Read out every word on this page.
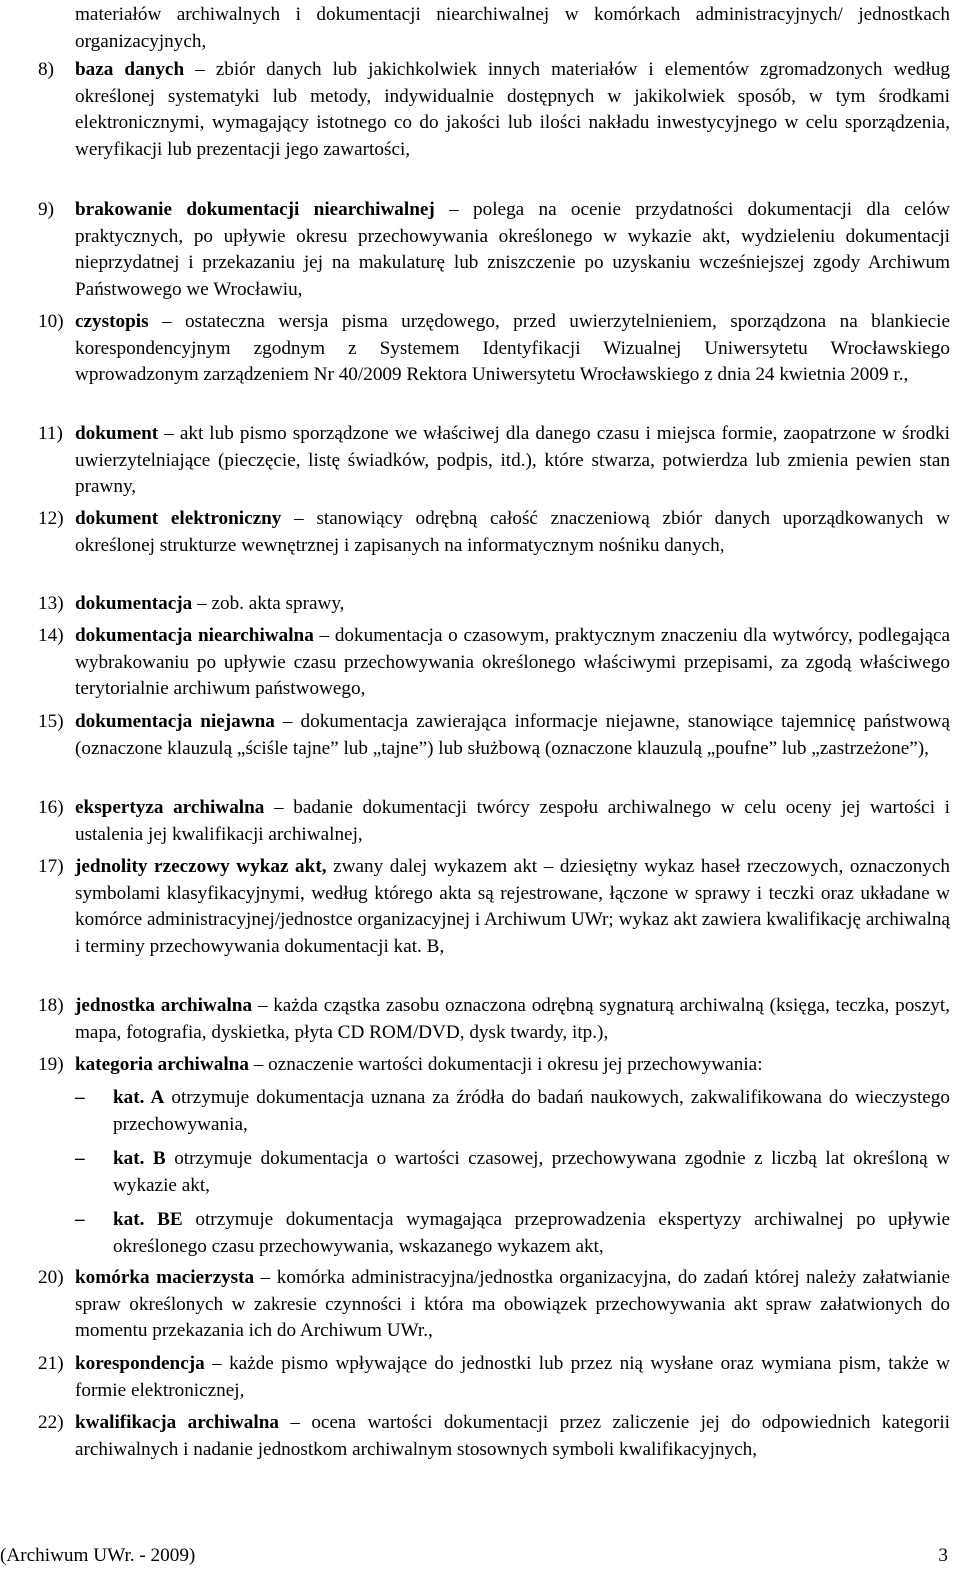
materiałów archiwalnych i dokumentacji niearchiwalnej w komórkach administracyjnych/ jednostkach organizacyjnych,
8)	baza danych – zbiór danych lub jakichkolwiek innych materiałów i elementów zgromadzonych według określonej systematyki lub metody, indywidualnie dostępnych w jakikolwiek sposób, w tym środkami elektronicznymi, wymagający istotnego co do jakości lub ilości nakładu inwestycyjnego w celu sporządzenia, weryfikacji lub prezentacji jego zawartości,
9)	brakowanie dokumentacji niearchiwalnej – polega na ocenie przydatności dokumentacji dla celów praktycznych, po upływie okresu przechowywania określonego w wykazie akt, wydzieleniu dokumentacji nieprzydatnej i przekazaniu jej na makulaturę lub zniszczenie po uzyskaniu wcześniejszej zgody Archiwum Państwowego we Wrocławiu,
10) czystopis – ostateczna wersja pisma urzędowego, przed uwierzytelnieniem, sporządzona na blankiecie korespondencyjnym zgodnym z Systemem Identyfikacji Wizualnej Uniwersytetu Wrocławskiego wprowadzonym zarządzeniem Nr 40/2009 Rektora Uniwersytetu Wrocławskiego z dnia 24 kwietnia 2009 r.,
11) dokument – akt lub pismo sporządzone we właściwej dla danego czasu i miejsca formie, zaopatrzone w środki uwierzytelniające (pieczęcie, listę świadków, podpis, itd.), które stwarza, potwierdza lub zmienia pewien stan prawny,
12) dokument elektroniczny – stanowiący odrębną całość znaczeniową zbiór danych uporządkowanych w określonej strukturze wewnętrznej i zapisanych na informatycznym nośniku danych,
13) dokumentacja – zob. akta sprawy,
14) dokumentacja niearchiwalna – dokumentacja o czasowym, praktycznym znaczeniu dla wytwórcy, podlegająca wybrakowaniu po upływie czasu przechowywania określonego właściwymi przepisami, za zgodą właściwego terytorialnie archiwum państwowego,
15) dokumentacja niejawna – dokumentacja zawierająca informacje niejawne, stanowiące tajemnicę państwową (oznaczone klauzulą „ściśle tajne” lub „tajne”) lub służbową (oznaczone klauzulą „poufne” lub „zastrzeżone”),
16) ekspertyza archiwalna – badanie dokumentacji twórcy zespołu archiwalnego w celu oceny jej wartości i ustalenia jej kwalifikacji archiwalnej,
17) jednolity rzeczowy wykaz akt, zwany dalej wykazem akt – dziesiętny wykaz haseł rzeczowych, oznaczonych symbolami klasyfikacyjnymi, według którego akta są rejestrowane, łączone w sprawy i teczki oraz układane w komórce administracyjnej/jednostce organizacyjnej i Archiwum UWr; wykaz akt zawiera kwalifikację archiwalną i terminy przechowywania dokumentacji kat. B,
18) jednostka archiwalna – każda cząstka zasobu oznaczona odrębną sygnaturą archiwalną (księga, teczka, poszyt, mapa, fotografia, dyskietka, płyta CD ROM/DVD, dysk twardy, itp.),
19) kategoria archiwalna – oznaczenie wartości dokumentacji i okresu jej przechowywania:
– kat. A otrzymuje dokumentacja uznana za źródła do badań naukowych, zakwalifikowana do wieczystego przechowywania,
– kat. B otrzymuje dokumentacja o wartości czasowej, przechowywana zgodnie z liczbą lat określoną w wykazie akt,
– kat. BE otrzymuje dokumentacja wymagająca przeprowadzenia ekspertyzy archiwalnej po upływie określonego czasu przechowywania, wskazanego wykazem akt,
20) komórka macierzysta – komórka administracyjna/jednostka organizacyjna, do zadań której należy załatwianie spraw określonych w zakresie czynności i która ma obowiązek przechowywania akt spraw załatwionych do momentu przekazania ich do Archiwum UWr.,
21) korespondencja – każde pismo wpływające do jednostki lub przez nią wysłane oraz wymiana pism, także w formie elektronicznej,
22) kwalifikacja archiwalna – ocena wartości dokumentacji przez zaliczenie jej do odpowiednich kategorii archiwalnych i nadanie jednostkom archiwalnym stosownych symboli kwalifikacyjnych,
(Archiwum UWr. - 2009)	3
